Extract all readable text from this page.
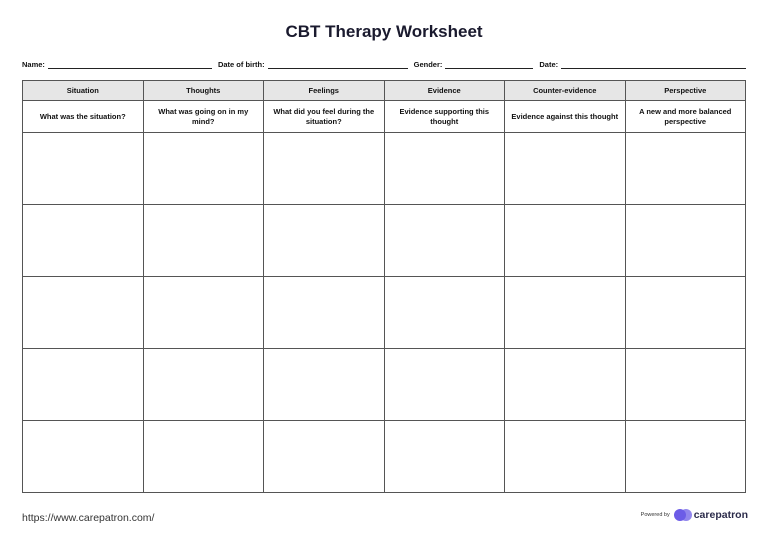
CBT Therapy Worksheet
Name:	Date of birth:	Gender:	Date:
Situation	Thoughts	Feelings	Evidence	Counter-evidence	Perspective
What was the situation?	What was going on in my mind?	What did you feel during the situation?	Evidence supporting this thought	Evidence against this thought	A new and more balanced perspective

https://www.carepatron.com/	Powered by carepatron
